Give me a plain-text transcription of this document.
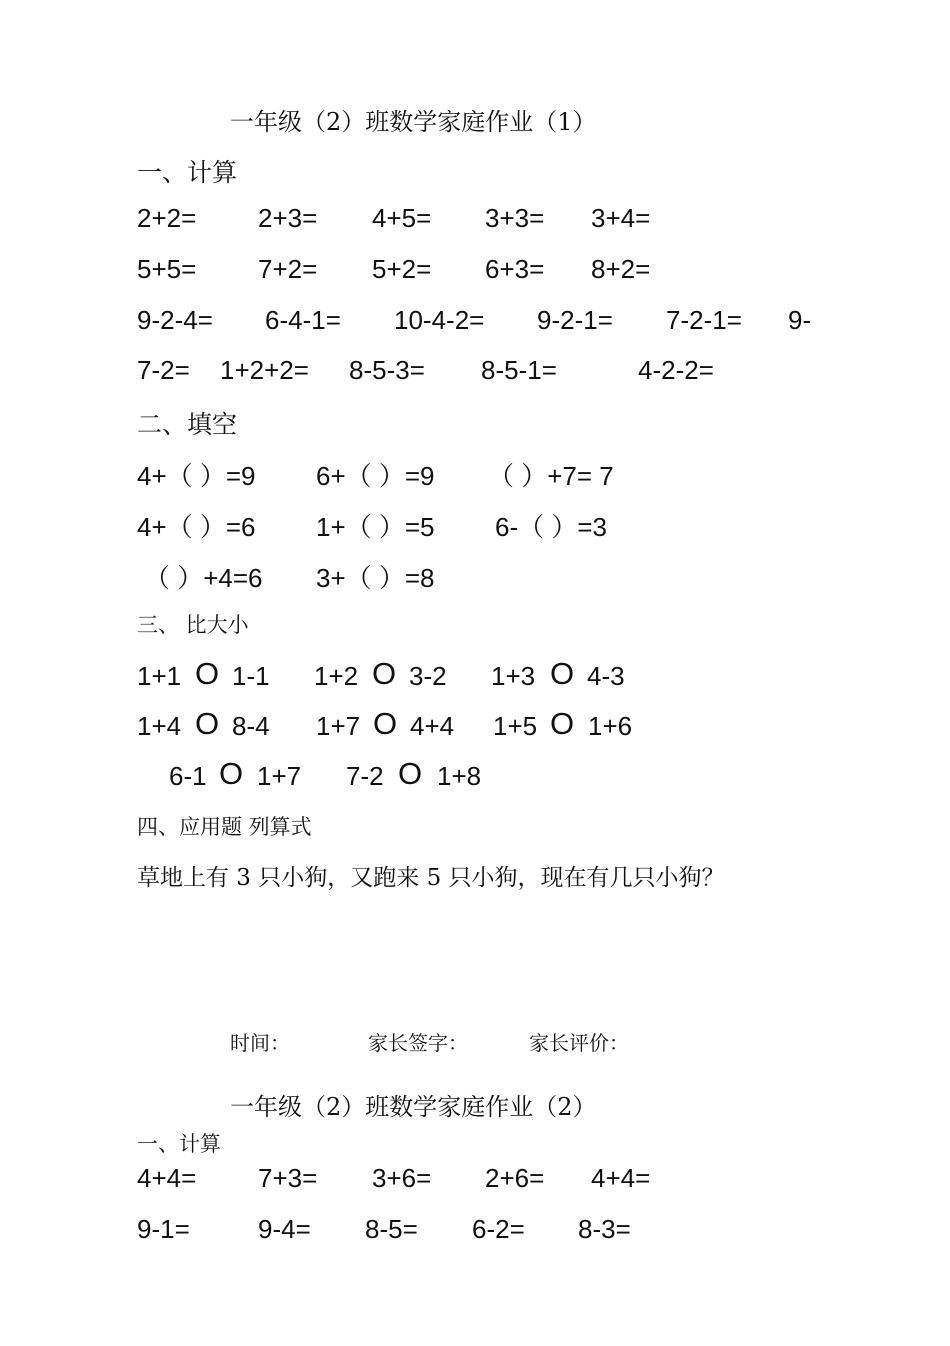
一年级（2）班数学家庭作业（1）
一、计算
2+2= 2+3= 4+5= 3+3= 3+4=
5+5= 7+2= 5+2= 6+3= 8+2=
9-2-4= 6-4-1= 10-4-2= 9-2-1= 7-2-1= 9-
7-2= 1+2+2= 8-5-3= 8-5-1=	4-2-2=
二、填空
4+（ ）=9 6+（ ）=9 （ ）+7= 7
4+（ ）=6 1+（ ）=5 6-（ ）=3
（ ）+4=6 3+（ ）=8
三、 比大小
1+1 O 1-1 1+2 O 3-2 1+3 O 4-3
1+4 O 8-4 1+7 O 4+4 1+5 O 1+6
6-1 O 1+7 7-2 O 1+8
四、应用题 列算式
草地上有 3 只小狗，又跑来 5 只小狗，现在有几只小狗？
时间：	家长签字：	家长评价：
一年级（2）班数学家庭作业（2）
一、计算
4+4= 7+3= 3+6= 2+6= 4+4=
9-1=	9-4= 8-5= 6-2= 8-3=
